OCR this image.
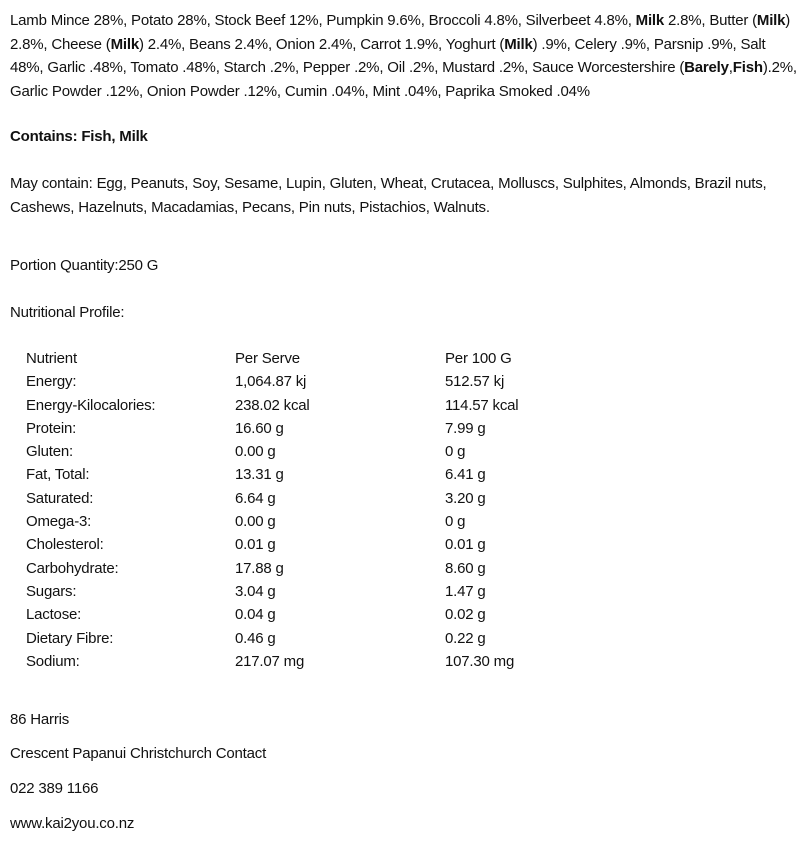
Lamb Mince 28%, Potato 28%, Stock Beef 12%, Pumpkin 9.6%, Broccoli 4.8%, Silverbeet 4.8%, Milk 2.8%, Butter (Milk) 2.8%, Cheese (Milk) 2.4%, Beans 2.4%, Onion 2.4%, Carrot 1.9%, Yoghurt (Milk) .9%, Celery .9%, Parsnip .9%, Salt 48%, Garlic .48%, Tomato .48%, Starch .2%, Pepper .2%, Oil .2%, Mustard .2%, Sauce Worcestershire (Barely,Fish).2%, Garlic Powder .12%, Onion Powder .12%, Cumin .04%, Mint .04%, Paprika Smoked .04%
Contains: Fish, Milk
May contain: Egg, Peanuts, Soy, Sesame, Lupin, Gluten, Wheat, Crutacea, Molluscs, Sulphites, Almonds, Brazil nuts, Cashews, Hazelnuts, Macadamias, Pecans, Pin nuts, Pistachios, Walnuts.
Portion Quantity:250 G
Nutritional Profile:
Nutrient	Per Serve	Per 100 G
Energy:	1,064.87 kj	512.57 kj
Energy-Kilocalories:	238.02 kcal	114.57 kcal
Protein:	16.60 g	7.99 g
Gluten:	0.00 g	0 g
Fat, Total:	13.31 g	6.41 g
Saturated:	6.64 g	3.20 g
Omega-3:	0.00 g	0 g
Cholesterol:	0.01 g	0.01 g
Carbohydrate:	17.88 g	8.60 g
Sugars:	3.04 g	1.47 g
Lactose:	0.04 g	0.02 g
Dietary Fibre:	0.46 g	0.22 g
Sodium:	217.07 mg	107.30 mg
86 Harris
Crescent Papanui Christchurch Contact
022 389 1166
www.kai2you.co.nz
